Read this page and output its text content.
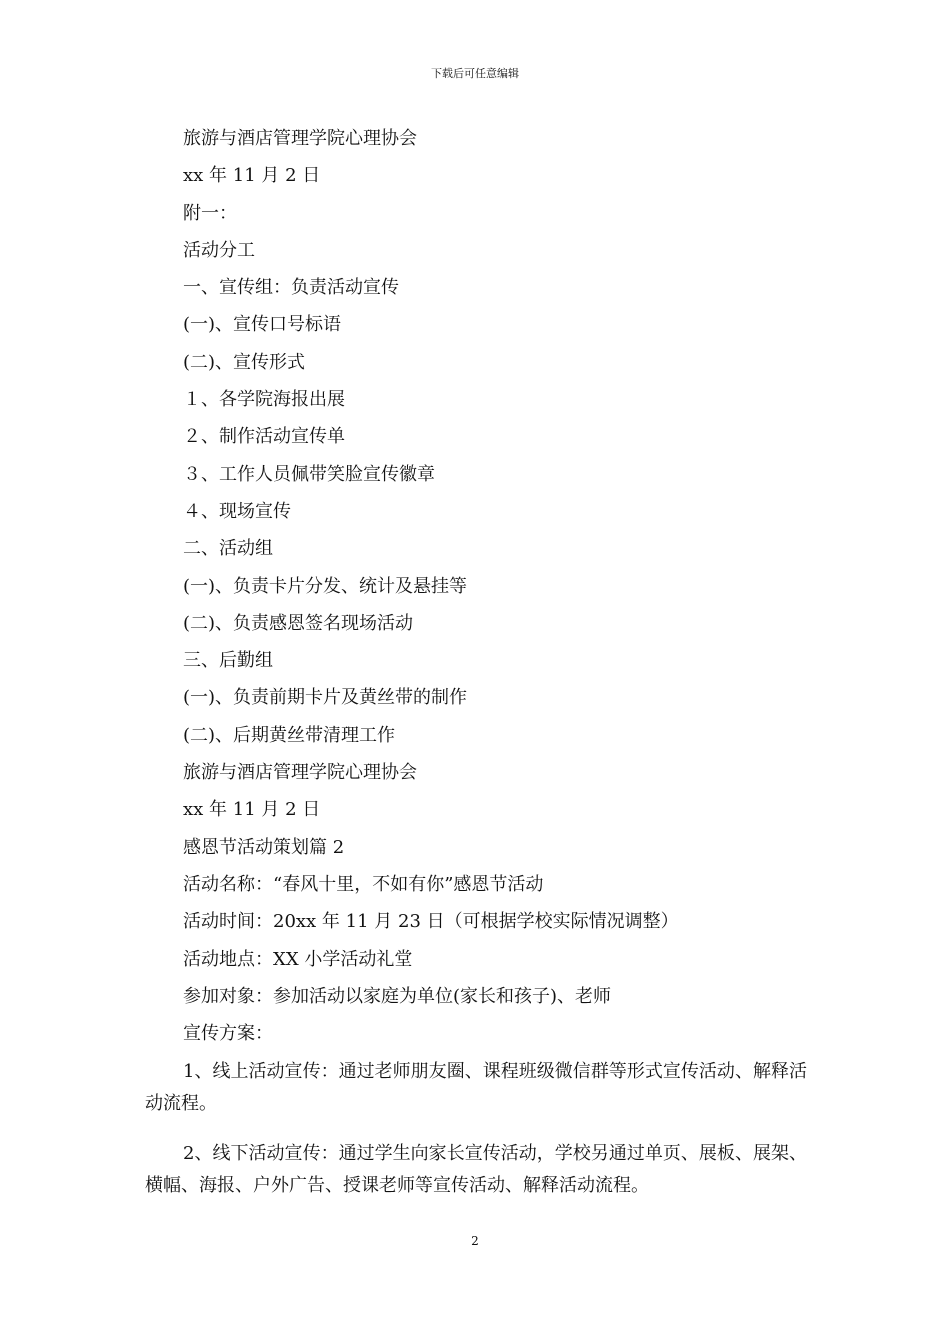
下载后可任意编辑
旅游与酒店管理学院心理协会
xx 年 11 月 2 日
附一：
活动分工
一、宣传组：负责活动宣传
(一)、宣传口号标语
(二)、宣传形式
１、各学院海报出展
２、制作活动宣传单
３、工作人员佩带笑脸宣传徽章
４、现场宣传
二、活动组
(一)、负责卡片分发、统计及悬挂等
(二)、负责感恩签名现场活动
三、后勤组
(一)、负责前期卡片及黄丝带的制作
(二)、后期黄丝带清理工作
旅游与酒店管理学院心理协会
xx 年 11 月 2 日
感恩节活动策划篇 2
活动名称：“春风十里，不如有你”感恩节活动
活动时间：20xx 年 11 月 23 日（可根据学校实际情况调整）
活动地点：XX 小学活动礼堂
参加对象：参加活动以家庭为单位(家长和孩子)、老师
宣传方案：

1、线上活动宣传：通过老师朋友圈、课程班级微信群等形式宣传活动、解释活动流程。

2、线下活动宣传：通过学生向家长宣传活动，学校另通过单页、展板、展架、横幅、海报、户外广告、授课老师等宣传活动、解释活动流程。

2
